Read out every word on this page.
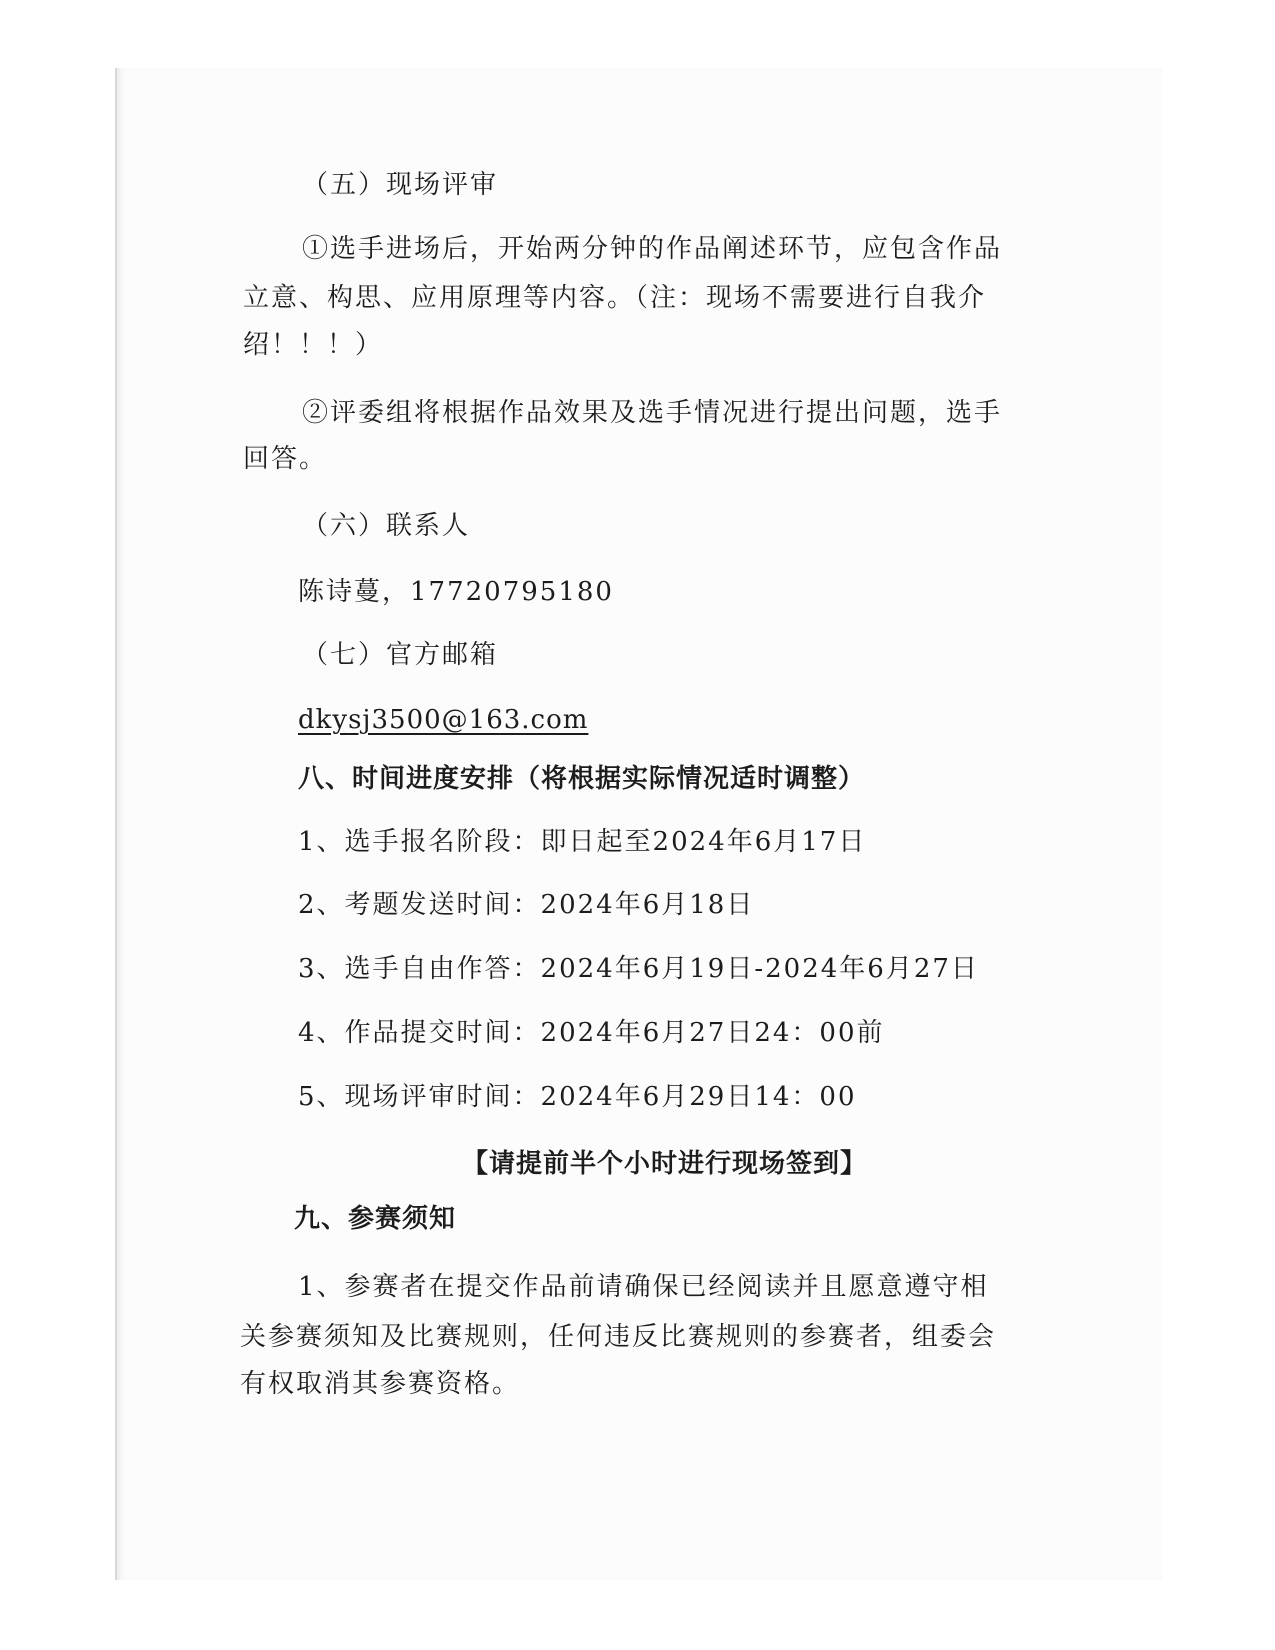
（五）现场评审

①选手进场后，开始两分钟的作品阐述环节，应包含作品

立意、构思、应用原理等内容。（注：现场不需要进行自我介

绍！！！）

②评委组将根据作品效果及选手情况进行提出问题，选手

回答。

（六）联系人

陈诗蔓，17720795180

（七）官方邮箱

dkysj3500@163.com

八、时间进度安排（将根据实际情况适时调整）

1、选手报名阶段：即日起至2024年6月17日

2、考题发送时间：2024年6月18日

3、选手自由作答：2024年6月19日-2024年6月27日

4、作品提交时间：2024年6月27日24：00前

5、现场评审时间：2024年6月29日14：00

【请提前半个小时进行现场签到】

九、参赛须知

1、参赛者在提交作品前请确保已经阅读并且愿意遵守相

关参赛须知及比赛规则，任何违反比赛规则的参赛者，组委会

有权取消其参赛资格。
